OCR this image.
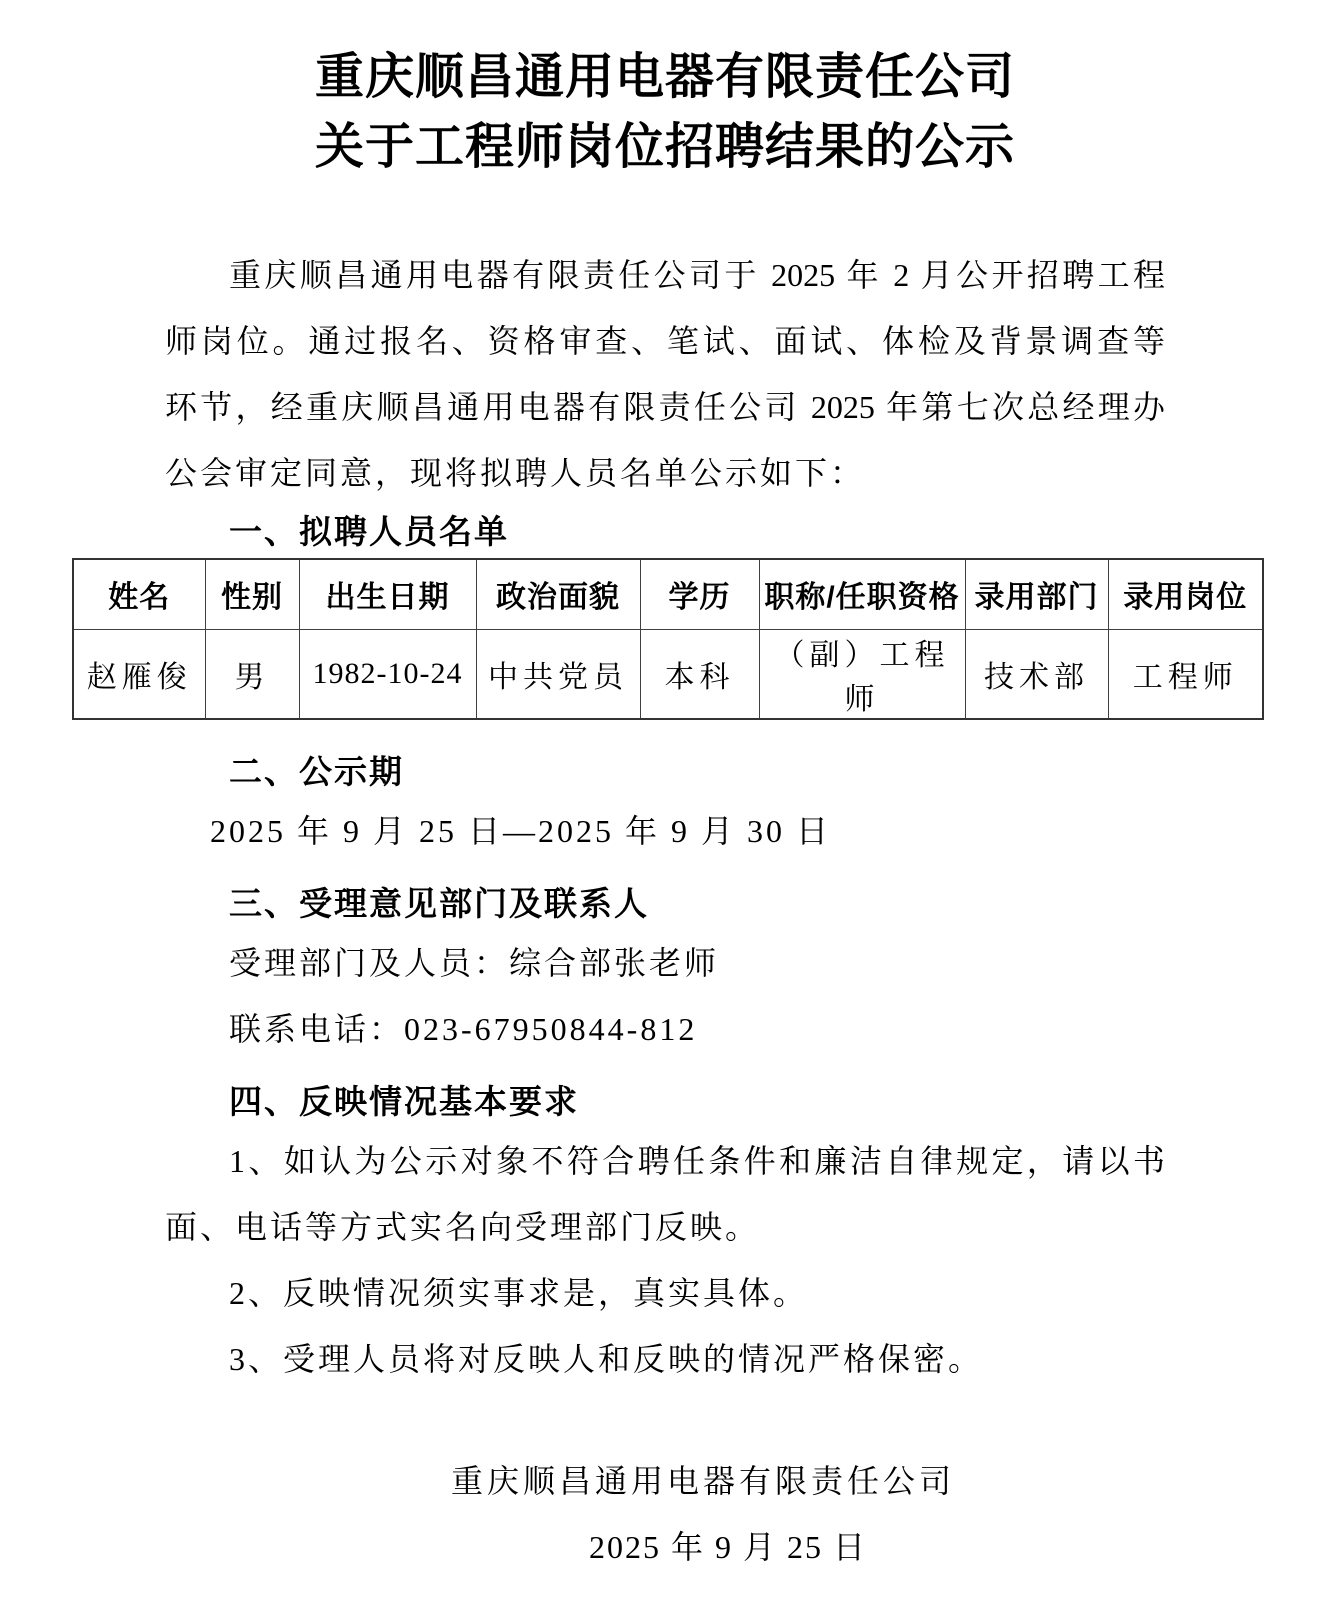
重庆顺昌通用电器有限责任公司
关于工程师岗位招聘结果的公示
重庆顺昌通用电器有限责任公司于 2025 年 2 月公开招聘工程
师岗位。通过报名、资格审查、笔试、面试、体检及背景调查等
环节，经重庆顺昌通用电器有限责任公司 2025 年第七次总经理办
公会审定同意，现将拟聘人员名单公示如下：
一、拟聘人员名单
姓名	性别	出生日期	政治面貌	学历	职称/任职资格	录用部门	录用岗位
赵雁俊	男	1982-10-24	中共党员	本科	（副）工程师	技术部	工程师
二、公示期
2025 年 9 月 25 日—2025 年 9 月 30 日
三、受理意见部门及联系人
受理部门及人员：综合部张老师
联系电话：023-67950844-812
四、反映情况基本要求
1、如认为公示对象不符合聘任条件和廉洁自律规定，请以书
面、电话等方式实名向受理部门反映。
2、反映情况须实事求是，真实具体。
3、受理人员将对反映人和反映的情况严格保密。
重庆顺昌通用电器有限责任公司
2025 年 9 月 25 日
